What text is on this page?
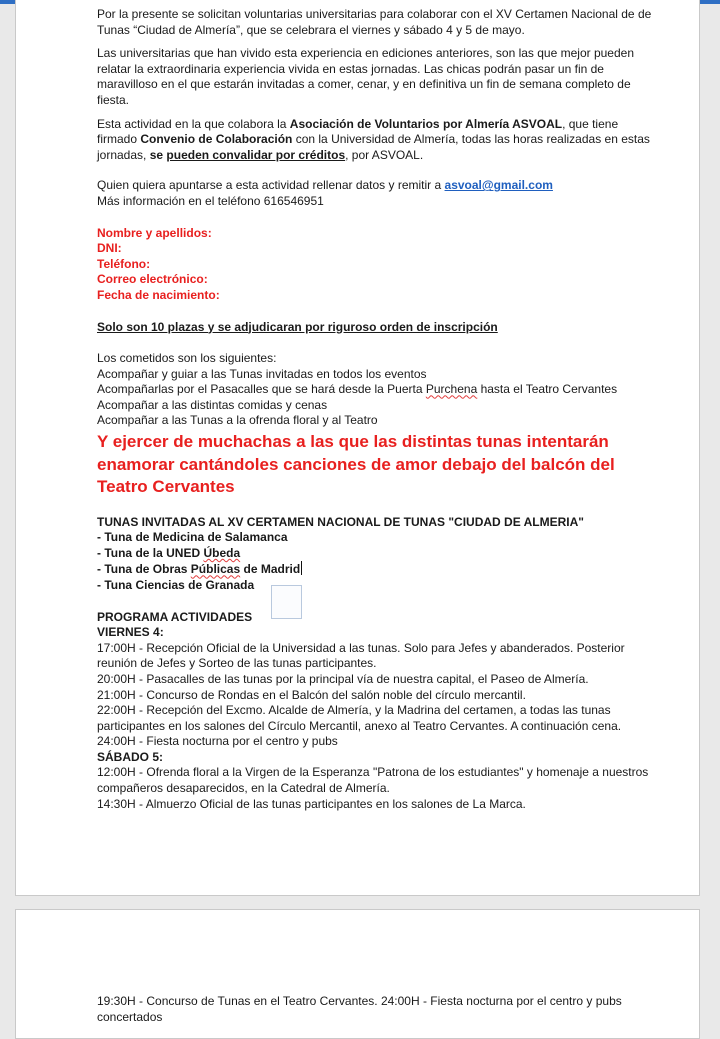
Por la presente se solicitan voluntarias universitarias para colaborar con el XV Certamen Nacional de de Tunas “Ciudad de Almería”, que se celebrara el viernes y sábado 4 y 5 de mayo.

Las universitarias que han vivido esta experiencia en ediciones anteriores, son las que mejor pueden relatar la extraordinaria experiencia vivida en estas jornadas. Las chicas podrán pasar un fin de maravilloso en el que estarán invitadas a comer, cenar, y en definitiva un fin de semana completo de fiesta.

Esta actividad en la que colabora la Asociación de Voluntarios por Almería ASVOAL, que tiene firmado Convenio de Colaboración con la Universidad de Almería, todas las horas realizadas en estas jornadas, se pueden convalidar por créditos, por ASVOAL.

Quien quiera apuntarse a esta actividad rellenar datos y remitir a asvoal@gmail.com
Más información en el teléfono 616546951

Nombre y apellidos:

DNI:

Teléfono:

Correo electrónico:

Fecha de nacimiento:

Solo son 10 plazas y se adjudicaran por riguroso orden de inscripción

Los cometidos son los siguientes:

Acompañar y guiar a las Tunas invitadas en todos los eventos

Acompañarlas por el Pasacalles que se hará desde la Puerta Purchena hasta el Teatro Cervantes

Acompañar a las distintas comidas y cenas

Acompañar a las Tunas a la ofrenda floral y al Teatro

Y ejercer de muchachas a las que las distintas tunas intentarán enamorar cantándoles canciones de amor debajo del balcón del Teatro Cervantes

TUNAS INVITADAS AL XV CERTAMEN NACIONAL DE TUNAS "CIUDAD DE ALMERIA"

- Tuna de Medicina de Salamanca

- Tuna de la UNED Úbeda

- Tuna de Obras Públicas de Madrid

- Tuna Ciencias de Granada

PROGRAMA ACTIVIDADES

VIERNES 4:

17:00H - Recepción Oficial de la Universidad a las tunas. Solo para Jefes y abanderados. Posterior reunión de Jefes y Sorteo de las tunas participantes.

20:00H - Pasacalles de las tunas por la principal vía de nuestra capital, el Paseo de Almería.

21:00H - Concurso de Rondas en el Balcón del salón noble del círculo mercantil.

22:00H - Recepción del Excmo. Alcalde de Almería, y la Madrina del certamen, a todas las tunas participantes en los salones del Círculo Mercantil, anexo al Teatro Cervantes. A continuación cena.

24:00H - Fiesta nocturna por el centro y pubs

SÁBADO 5:

12:00H - Ofrenda floral a la Virgen de la Esperanza "Patrona de los estudiantes" y homenaje a nuestros compañeros desaparecidos, en la Catedral de Almería.

14:30H - Almuerzo Oficial de las tunas participantes en los salones de La Marca.

19:30H - Concurso de Tunas en el Teatro Cervantes. 24:00H - Fiesta nocturna por el centro y pubs

concertados
